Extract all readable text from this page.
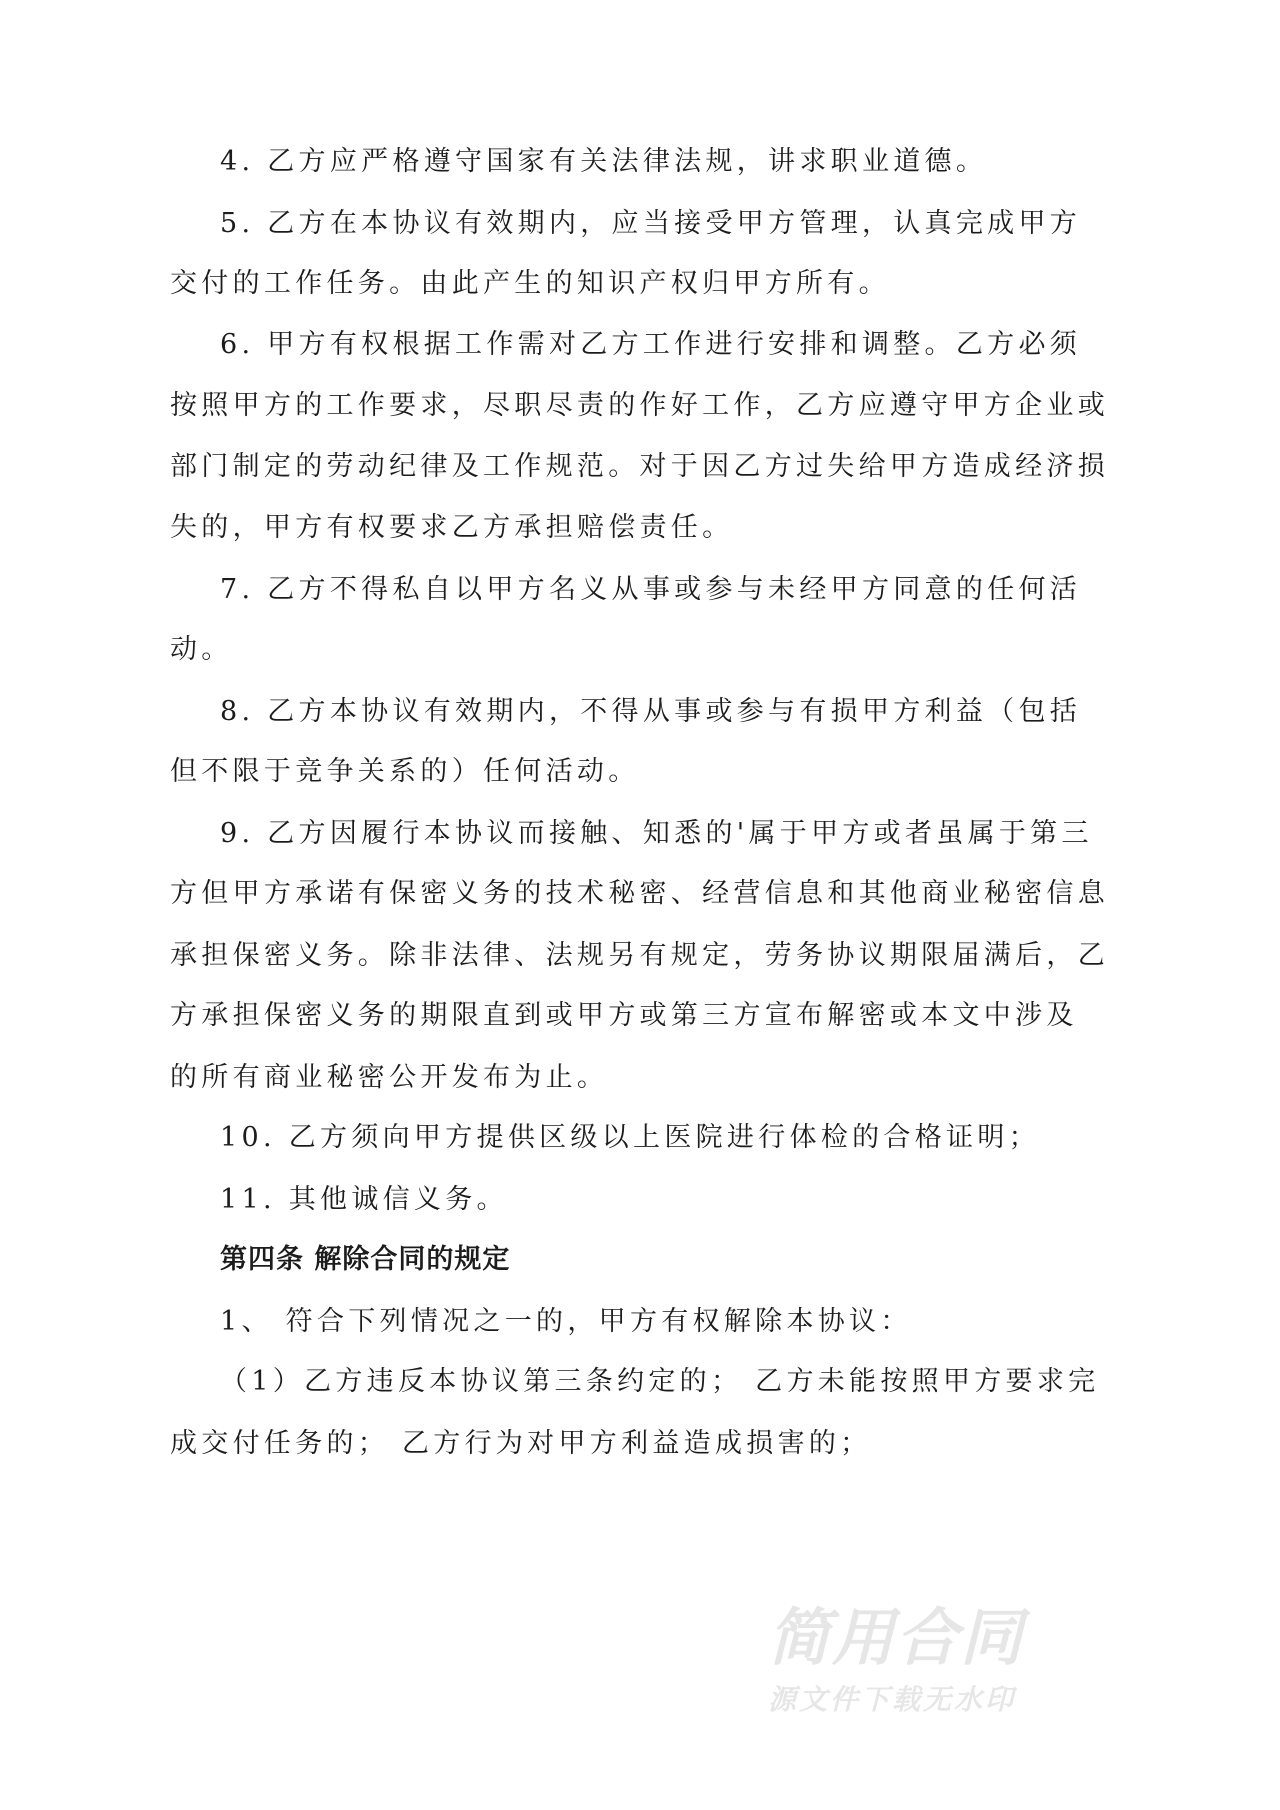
4. 乙方应严格遵守国家有关法律法规，讲求职业道德。
5. 乙方在本协议有效期内，应当接受甲方管理，认真完成甲方
交付的工作任务。由此产生的知识产权归甲方所有。
6. 甲方有权根据工作需对乙方工作进行安排和调整。乙方必须
按照甲方的工作要求，尽职尽责的作好工作，乙方应遵守甲方企业或
部门制定的劳动纪律及工作规范。对于因乙方过失给甲方造成经济损
失的，甲方有权要求乙方承担赔偿责任。
7. 乙方不得私自以甲方名义从事或参与未经甲方同意的任何活
动。
8. 乙方本协议有效期内，不得从事或参与有损甲方利益（包括
但不限于竞争关系的）任何活动。
9. 乙方因履行本协议而接触、知悉的'属于甲方或者虽属于第三
方但甲方承诺有保密义务的技术秘密、经营信息和其他商业秘密信息
承担保密义务。除非法律、法规另有规定，劳务协议期限届满后，乙
方承担保密义务的期限直到或甲方或第三方宣布解密或本文中涉及
的所有商业秘密公开发布为止。
10. 乙方须向甲方提供区级以上医院进行体检的合格证明；
11. 其他诚信义务。
第四条 解除合同的规定
1、 符合下列情况之一的，甲方有权解除本协议：
（1）乙方违反本协议第三条约定的； 乙方未能按照甲方要求完
成交付任务的； 乙方行为对甲方利益造成损害的；
简用合同
源文件下载无水印
